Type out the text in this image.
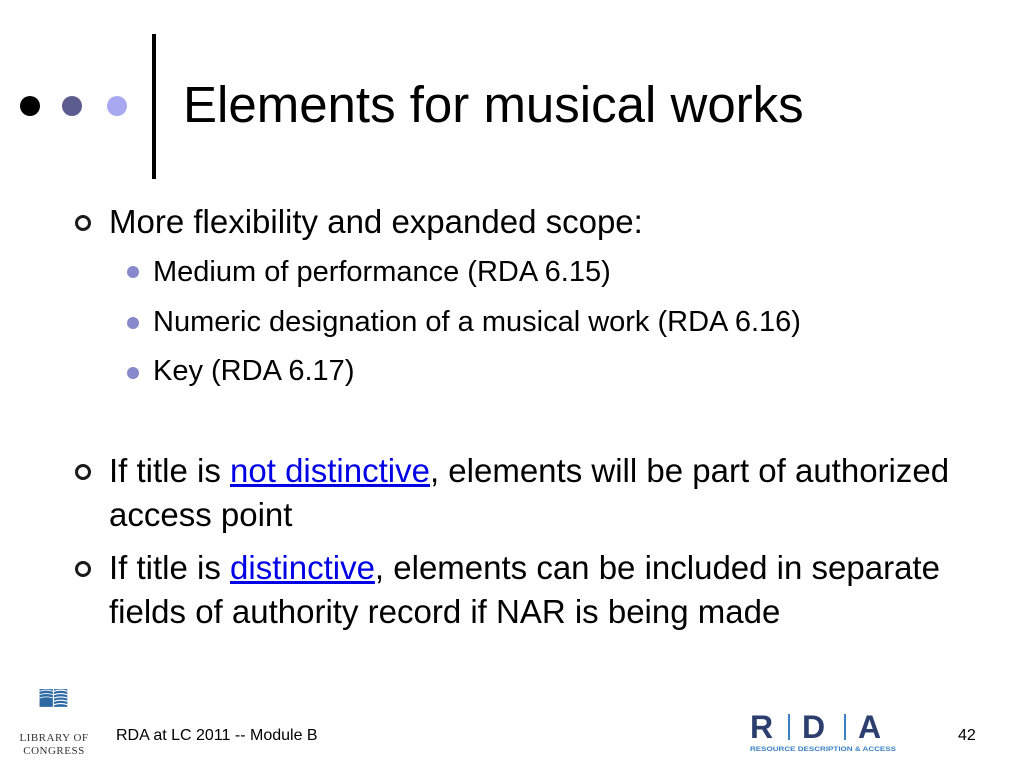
Elements for musical works
More flexibility and expanded scope:
Medium of performance (RDA 6.15)
Numeric designation of a musical work (RDA 6.16)
Key (RDA 6.17)
If title is not distinctive, elements will be part of authorized access point
If title is distinctive, elements can be included in separate fields of authority record if NAR is being made
LIBRARY OF
CONGRESS
RDA at LC 2011 -- Module B	42
R D A
RESOURCE DESCRIPTION & ACCESS
